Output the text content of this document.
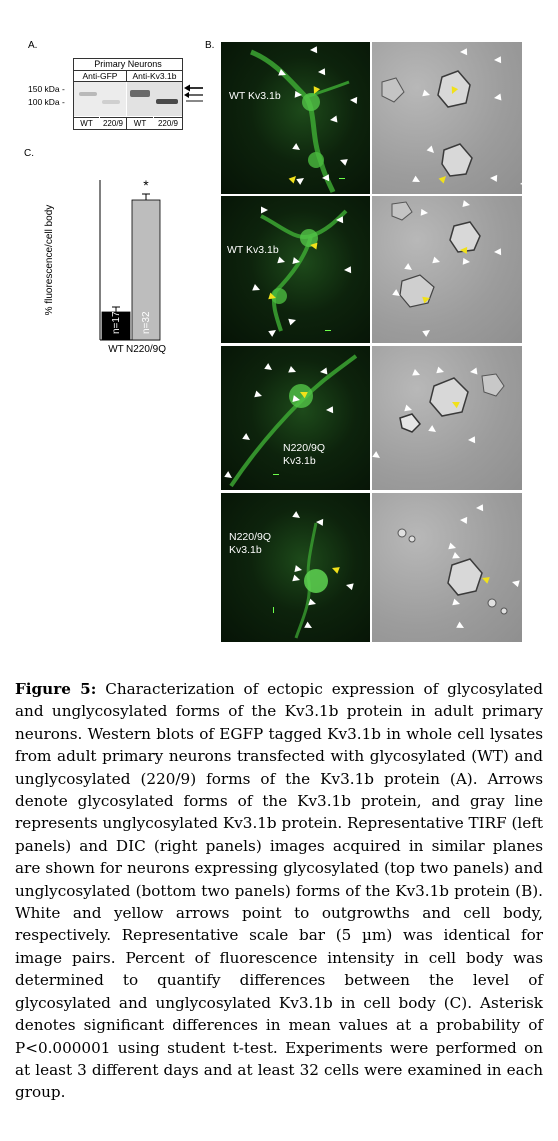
A.
150 kDa -
100 kDa -
Primary Neurons
Anti-GFP	Anti-Kv3.1b
WT	220/9	WT	220/9
C.
% fluorescence/cell body
n=17
WT
n=32
N220/9Q
*
B.
WT Kv3.1b
WT Kv3.1b
N220/9Q
Kv3.1b
N220/9Q
Kv3.1b

Figure 5: Characterization of ectopic expression of glycosylated and unglycosylated forms of the Kv3.1b protein in adult primary neurons. Western blots of EGFP tagged Kv3.1b in whole cell lysates from adult primary neurons transfected with glycosylated (WT) and unglycosylated (220/9) forms of the Kv3.1b protein (A). Arrows denote glycosylated forms of the Kv3.1b protein, and gray line represents unglycosylated Kv3.1b protein. Representative TIRF (left panels) and DIC (right panels) images acquired in similar planes are shown for neurons expressing glycosylated (top two panels) and unglycosylated (bottom two panels) forms of the Kv3.1b protein (B). White and yellow arrows point to outgrowths and cell body, respectively. Representative scale bar (5 µm) was identical for image pairs. Percent of fluorescence intensity in cell body was determined to quantify differences between the level of glycosylated and unglycosylated Kv3.1b in cell body (C). Asterisk denotes significant differences in mean values at a probability of P<0.000001 using student t-test. Experiments were performed on at least 3 different days and at least 32 cells were examined in each group.
